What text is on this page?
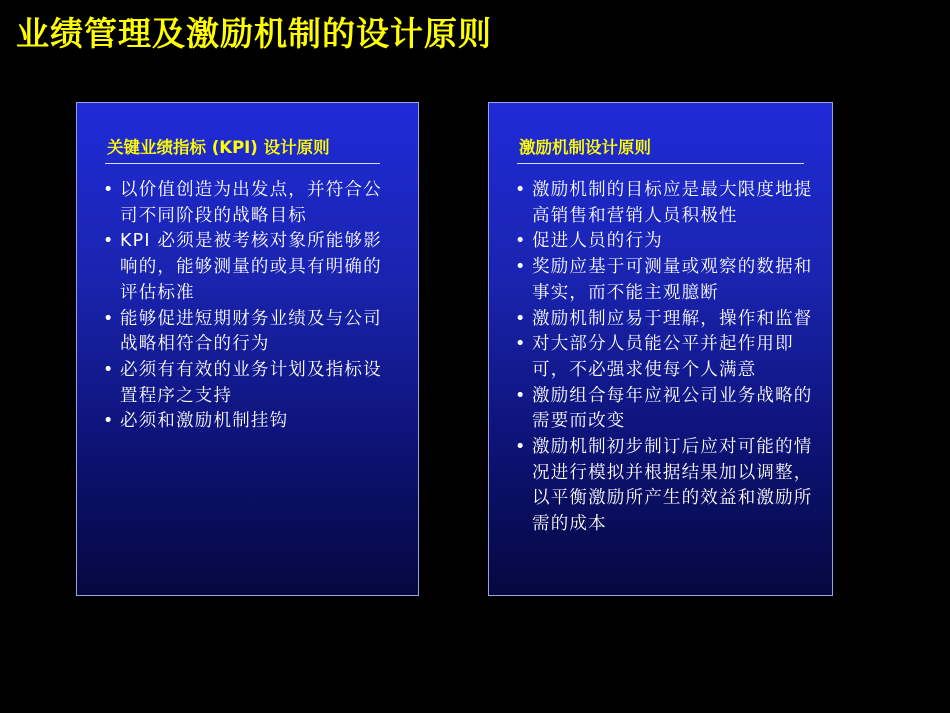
业绩管理及激励机制的设计原则
关键业绩指标 (KPI) 设计原则
• 以价值创造为出发点，并符合公司不同阶段的战略目标
• KPI 必须是被考核对象所能够影响的，能够测量的或具有明确的评估标准
• 能够促进短期财务业绩及与公司战略相符合的行为
• 必须有有效的业务计划及指标设置程序之支持
• 必须和激励机制挂钩
激励机制设计原则
• 激励机制的目标应是最大限度地提高销售和营销人员积极性
• 促进人员的行为
• 奖励应基于可测量或观察的数据和事实，而不能主观臆断
• 激励机制应易于理解，操作和监督
• 对大部分人员能公平并起作用即可，不必强求使每个人满意
• 激励组合每年应视公司业务战略的需要而改变
• 激励机制初步制订后应对可能的情况进行模拟并根据结果加以调整，以平衡激励所产生的效益和激励所需的成本
